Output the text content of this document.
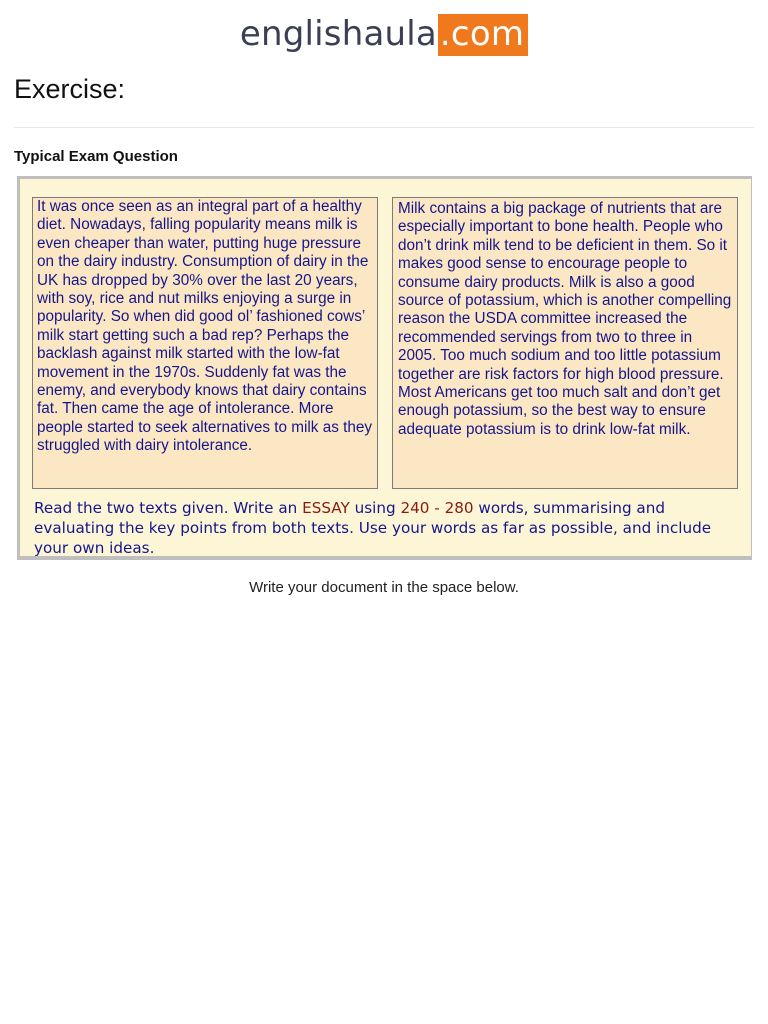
englishaula.com
Exercise:
Typical Exam Question

It was once seen as an integral part of a healthy diet. Nowadays, falling popularity means milk is even cheaper than water, putting huge pressure on the dairy industry. Consumption of dairy in the UK has dropped by 30% over the last 20 years, with soy, rice and nut milks enjoying a surge in popularity. So when did good ol’ fashioned cows’ milk start getting such a bad rep? Perhaps the backlash against milk started with the low-fat movement in the 1970s. Suddenly fat was the enemy, and everybody knows that dairy contains fat. Then came the age of intolerance. More people started to seek alternatives to milk as they struggled with dairy intolerance.

Milk contains a big package of nutrients that are especially important to bone health. People who don’t drink milk tend to be deficient in them. So it makes good sense to encourage people to consume dairy products. Milk is also a good source of potassium, which is another compelling reason the USDA committee increased the recommended servings from two to three in 2005. Too much sodium and too little potassium together are risk factors for high blood pressure. Most Americans get too much salt and don’t get enough potassium, so the best way to ensure adequate potassium is to drink low-fat milk.

Read the two texts given. Write an ESSAY using 240 - 280 words, summarising and evaluating the key points from both texts. Use your words as far as possible, and include your own ideas.
Write your document in the space below.
